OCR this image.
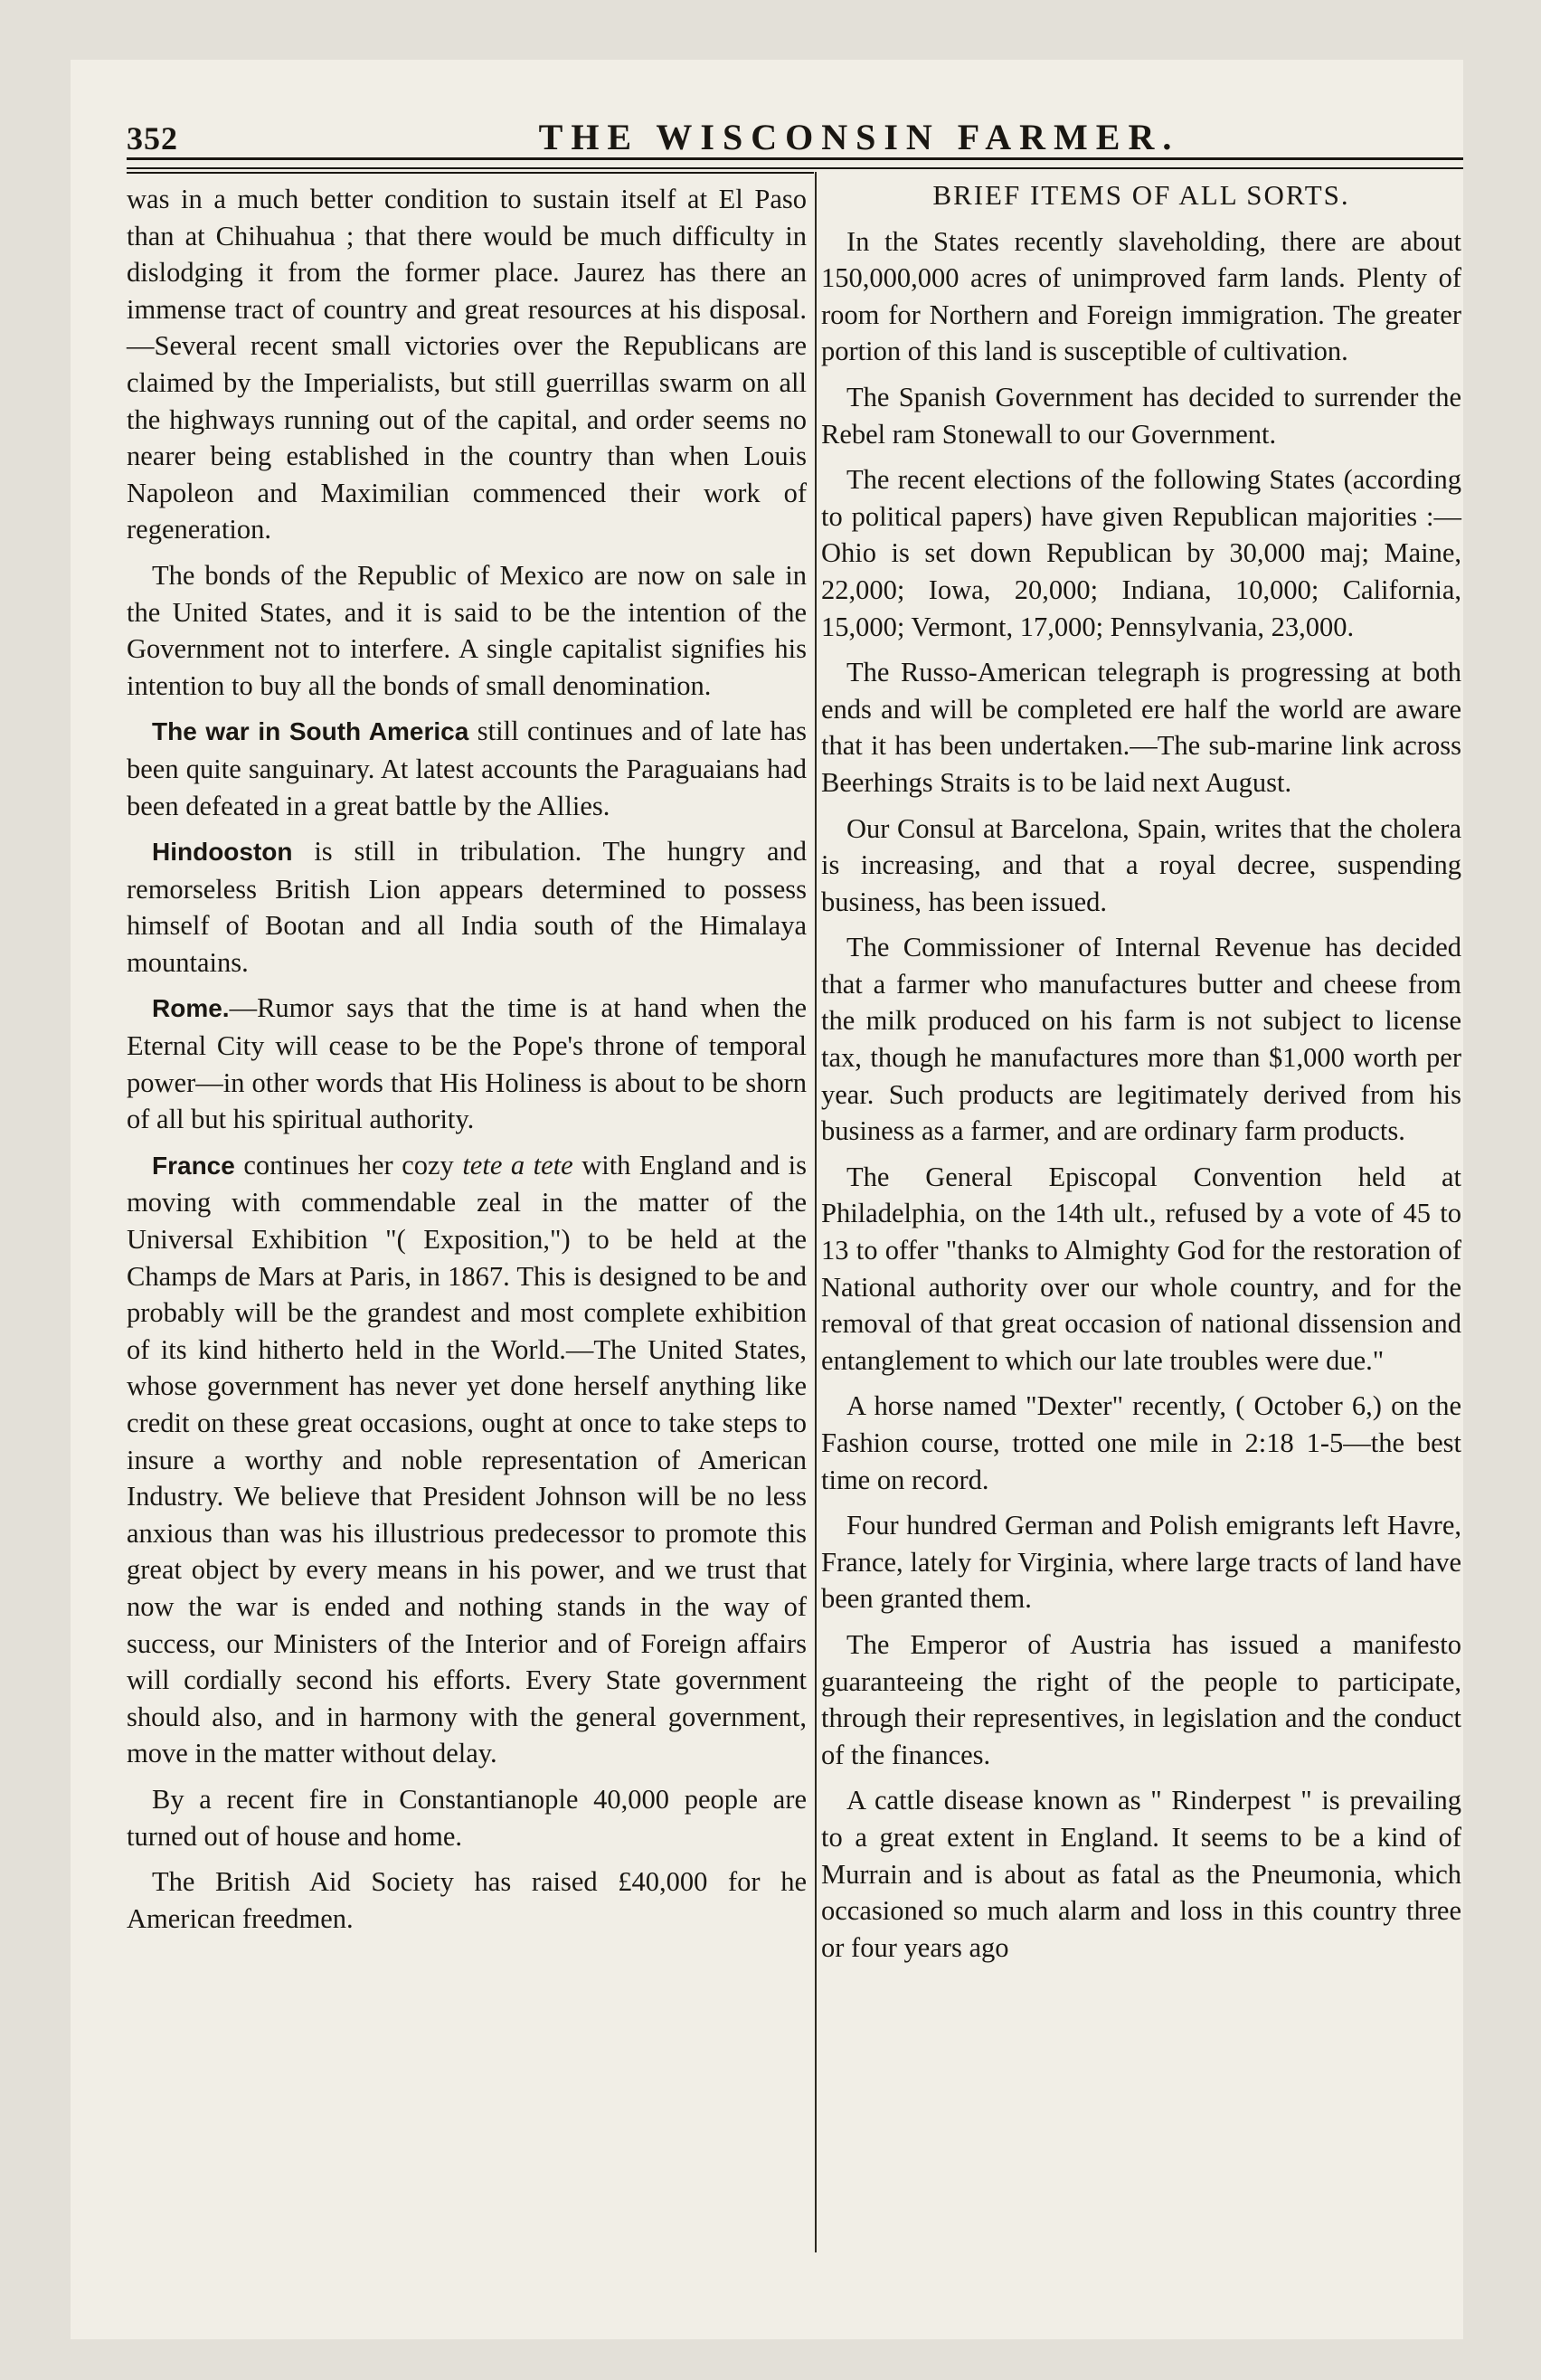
352	THE WISCONSIN FARMER.

was in a much better condition to sustain itself at El Paso than at Chihuahua ; that there would be much difficulty in dislodging it from the former place. Jaurez has there an immense tract of country and great resources at his disposal.—Several recent small victories over the Republicans are claimed by the Imperialists, but still guerrillas swarm on all the highways running out of the capital, and order seems no nearer being established in the country than when Louis Napoleon and Maximilian commenced their work of regeneration.

The bonds of the Republic of Mexico are now on sale in the United States, and it is said to be the intention of the Government not to interfere. A single capitalist signifies his intention to buy all the bonds of small denomination.

The war in South America still continues and of late has been quite sanguinary. At latest accounts the Paraguaians had been defeated in a great battle by the Allies.

Hindooston is still in tribulation. The hungry and remorseless British Lion appears determined to possess himself of Bootan and all India south of the Himalaya mountains.

Rome.—Rumor says that the time is at hand when the Eternal City will cease to be the Pope's throne of temporal power—in other words that His Holiness is about to be shorn of all but his spiritual authority.

France continues her cozy tete a tete with England and is moving with commendable zeal in the matter of the Universal Exhibition "( Exposition,") to be held at the Champs de Mars at Paris, in 1867. This is designed to be and probably will be the grandest and most complete exhibition of its kind hitherto held in the World.—The United States, whose government has never yet done herself anything like credit on these great occasions, ought at once to take steps to insure a worthy and noble representation of American Industry. We believe that President Johnson will be no less anxious than was his illustrious predecessor to promote this great object by every means in his power, and we trust that now the war is ended and nothing stands in the way of success, our Ministers of the Interior and of Foreign affairs will cordially second his efforts. Every State government should also, and in harmony with the general government, move in the matter without delay.

By a recent fire in Constantianople 40,000 people are turned out of house and home.

The British Aid Society has raised £40,000 for he American freedmen.

BRIEF ITEMS OF ALL SORTS.

In the States recently slaveholding, there are about 150,000,000 acres of unimproved farm lands. Plenty of room for Northern and Foreign immigration. The greater portion of this land is susceptible of cultivation.

The Spanish Government has decided to surrender the Rebel ram Stonewall to our Government.

The recent elections of the following States (according to political papers) have given Republican majorities :—Ohio is set down Republican by 30,000 maj; Maine, 22,000; Iowa, 20,000; Indiana, 10,000; California, 15,000; Vermont, 17,000; Pennsylvania, 23,000.

The Russo-American telegraph is progressing at both ends and will be completed ere half the world are aware that it has been undertaken.—The sub-marine link across Beerhings Straits is to be laid next August.

Our Consul at Barcelona, Spain, writes that the cholera is increasing, and that a royal decree, suspending business, has been issued.

The Commissioner of Internal Revenue has decided that a farmer who manufactures butter and cheese from the milk produced on his farm is not subject to license tax, though he manufactures more than $1,000 worth per year. Such products are legitimately derived from his business as a farmer, and are ordinary farm products.

The General Episcopal Convention held at Philadelphia, on the 14th ult., refused by a vote of 45 to 13 to offer "thanks to Almighty God for the restoration of National authority over our whole country, and for the removal of that great occasion of national dissension and entanglement to which our late troubles were due."

A horse named "Dexter" recently, ( October 6,) on the Fashion course, trotted one mile in 2:18 1-5—the best time on record.

Four hundred German and Polish emigrants left Havre, France, lately for Virginia, where large tracts of land have been granted them.

The Emperor of Austria has issued a manifesto guaranteeing the right of the people to participate, through their representives, in legislation and the conduct of the finances.

A cattle disease known as " Rinderpest " is prevailing to a great extent in England. It seems to be a kind of Murrain and is about as fatal as the Pneumonia, which occasioned so much alarm and loss in this country three or four years ago
